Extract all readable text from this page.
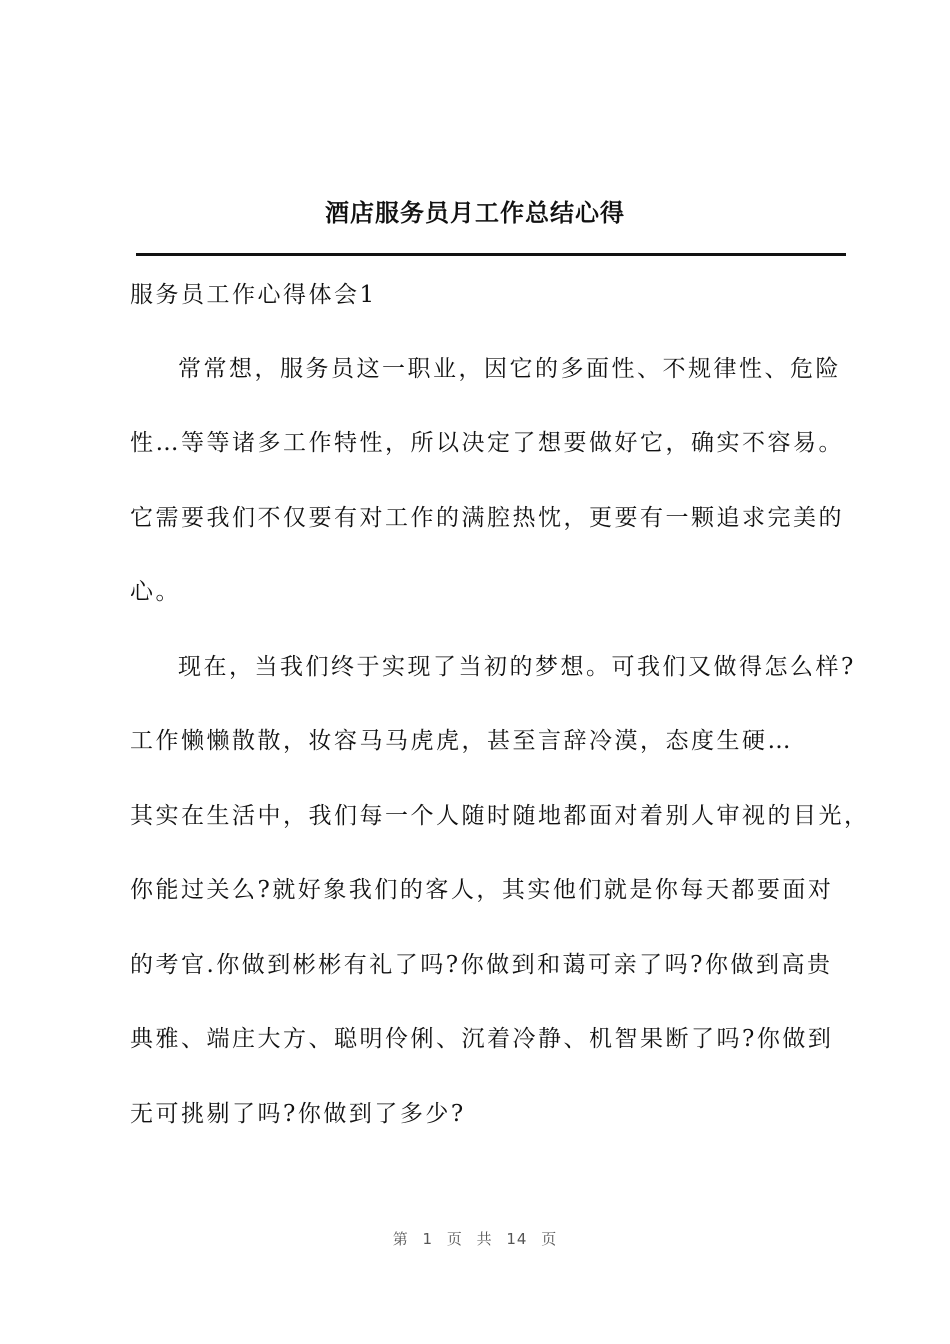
酒店服务员月工作总结心得
服务员工作心得体会1
常常想，服务员这一职业，因它的多面性、不规律性、危险
性…等等诸多工作特性，所以决定了想要做好它，确实不容易。
它需要我们不仅要有对工作的满腔热忱，更要有一颗追求完美的
心。
现在，当我们终于实现了当初的梦想。可我们又做得怎么样?
工作懒懒散散，妆容马马虎虎，甚至言辞冷漠，态度生硬…
其实在生活中，我们每一个人随时随地都面对着别人审视的目光，
你能过关么?就好象我们的客人，其实他们就是你每天都要面对
的考官.你做到彬彬有礼了吗?你做到和蔼可亲了吗?你做到高贵
典雅、端庄大方、聪明伶俐、沉着冷静、机智果断了吗?你做到
无可挑剔了吗?你做到了多少?
第 1 页 共 14 页
